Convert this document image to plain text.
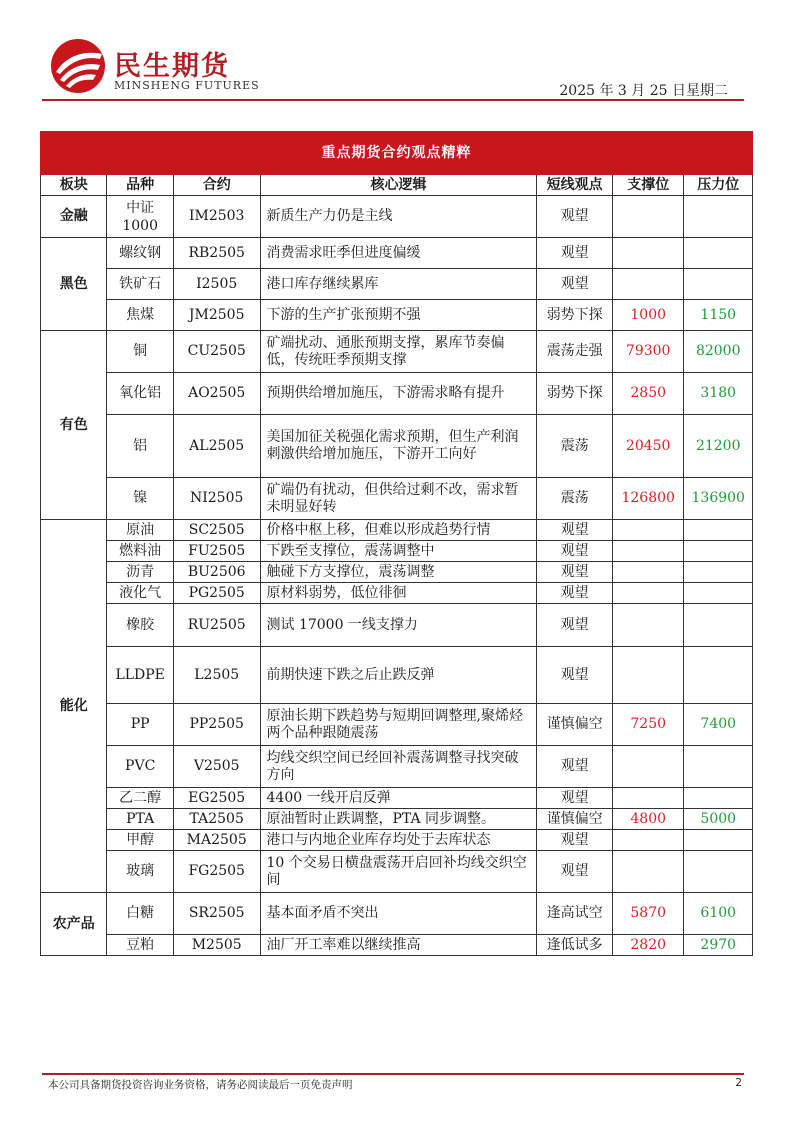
民生期货
MINSHENG FUTURES	2025 年 3 月 25 日星期二
重点期货合约观点精粹						
板块	品种	合约	核心逻辑	短线观点	支撑位	压力位
金融	中证1000	IM2503	新质生产力仍是主线	观望		
黑色	螺纹钢	RB2505	消费需求旺季但进度偏缓	观望		
	铁矿石	I2505	港口库存继续累库	观望		
	焦煤	JM2505	下游的生产扩张预期不强	弱势下探	1000	1150
有色	铜	CU2505	矿端扰动、通胀预期支撑，累库节奏偏低，传统旺季预期支撑	震荡走强	79300	82000
	氧化铝	AO2505	预期供给增加施压，下游需求略有提升	弱势下探	2850	3180
	铝	AL2505	美国加征关税强化需求预期，但生产利润刺激供给增加施压，下游开工向好	震荡	20450	21200
	镍	NI2505	矿端仍有扰动，但供给过剩不改，需求暂未明显好转	震荡	126800	136900
能化	原油	SC2505	价格中枢上移，但难以形成趋势行情	观望		
	燃料油	FU2505	下跌至支撑位，震荡调整中	观望		
	沥青	BU2506	触碰下方支撑位，震荡调整	观望		
	液化气	PG2505	原材料弱势，低位徘徊	观望		
	橡胶	RU2505	测试 17000 一线支撑力	观望		
	LLDPE	L2505	前期快速下跌之后止跌反弹	观望		
	PP	PP2505	原油长期下跌趋势与短期回调整理,聚烯烃两个品种跟随震荡	谨慎偏空	7250	7400
	PVC	V2505	均线交织空间已经回补震荡调整寻找突破方向	观望		
	乙二醇	EG2505	4400 一线开启反弹	观望		
	PTA	TA2505	原油暂时止跌调整，PTA 同步调整。	谨慎偏空	4800	5000
	甲醇	MA2505	港口与内地企业库存均处于去库状态	观望		
	玻璃	FG2505	10 个交易日横盘震荡开启回补均线交织空间	观望		
农产品	白糖	SR2505	基本面矛盾不突出	逢高试空	5870	6100
	豆粕	M2505	油厂开工率难以继续推高	逢低试多	2820	2970
本公司具备期货投资咨询业务资格，请务必阅读最后一页免责声明	2
